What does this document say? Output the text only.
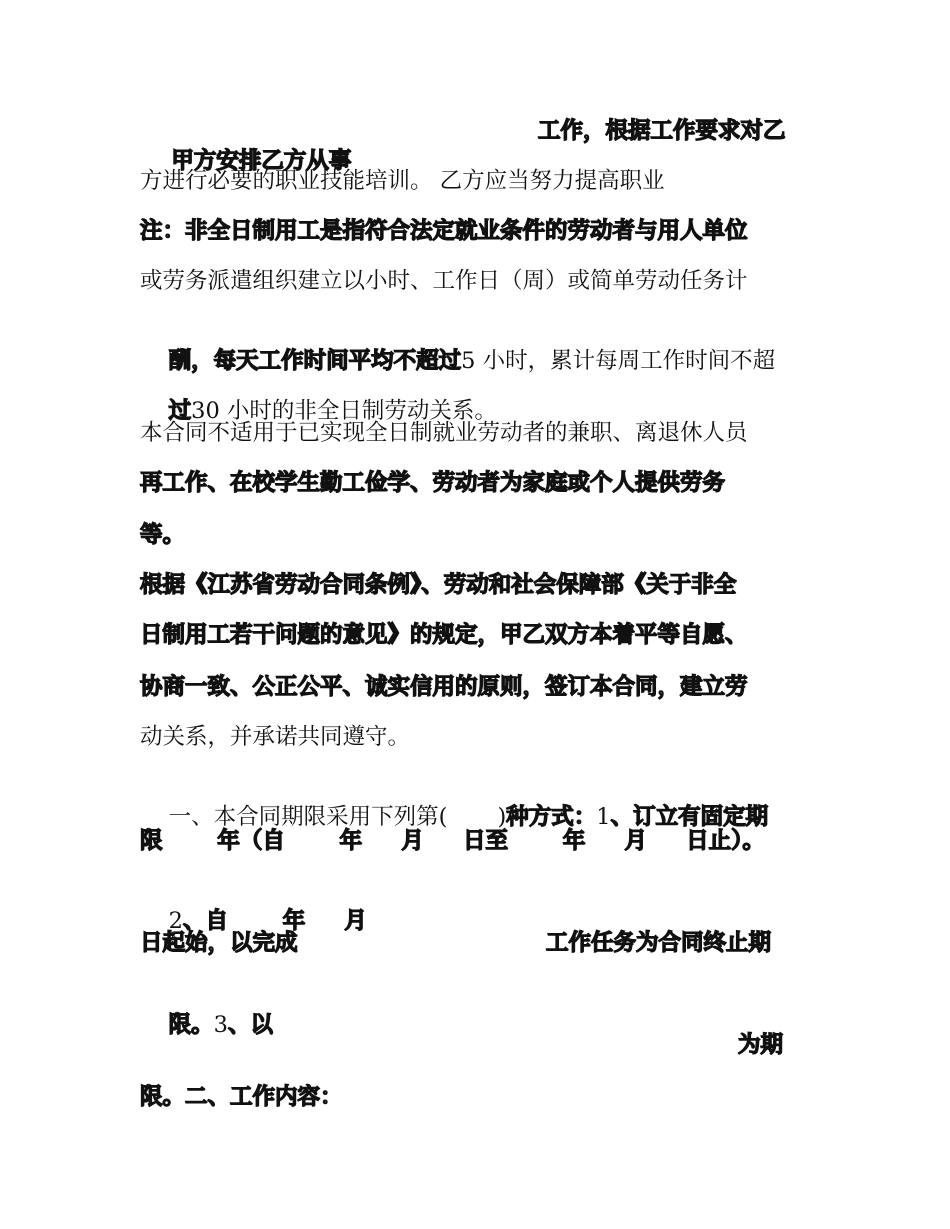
甲方安排乙方从事

工作，根据工作要求对乙
方进行必要的职业技能培训。 乙方应当努力提高职业
注：非全日制用工是指符合法定就业条件的劳动者与用人单位
或劳务派遣组织建立以小时、工作日（周）或简单劳动任务计

酬，每天工作时间平均不超过5 小时，累计每周工作时间不超

过30 小时的非全日制劳动关系。

本合同不适用于已实现全日制就业劳动者的兼职、离退休人员
再工作、在校学生勤工俭学、劳动者为家庭或个人提供劳务
等。
根据《江苏省劳动合同条例》、劳动和社会保障部《关于非全
日制用工若干问题的意见》的规定，甲乙双方本着平等自愿、
协商一致、公正公平、诚实信用的原则，签订本合同，建立劳
动关系，并承诺共同遵守。

一、本合同期限采用下列第( )种方式：1、订立有固定期

限       年（自       年     月     日至       年     月     日止）。

2、自       年     月

日起始，以完成	工作任务为合同终止期

限。3、以

为期
限。二、工作内容：
